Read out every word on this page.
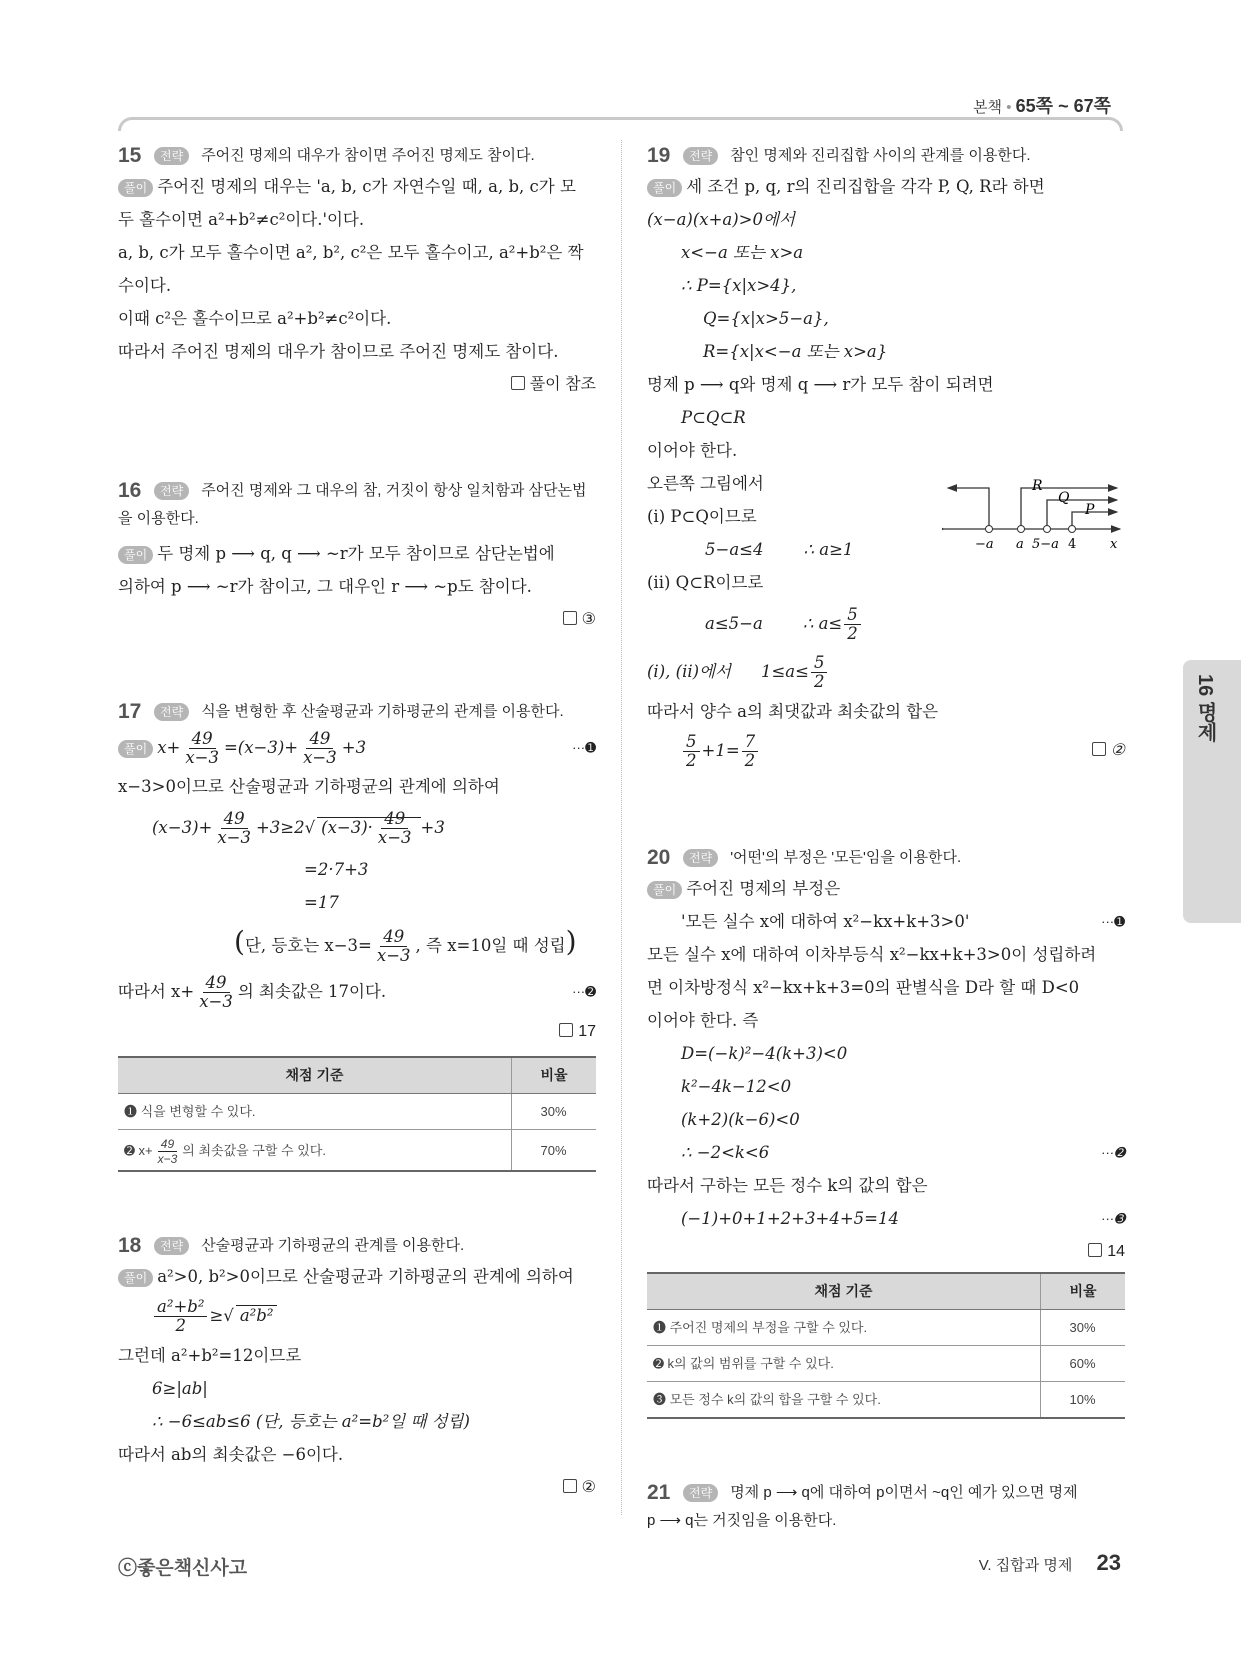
본책 • 65쪽 ~ 67쪽
16 명제
15	전략	주어진 명제의 대우가 참이면 주어진 명제도 참이다.
풀이 주어진 명제의 대우는 'a, b, c가 자연수일 때, a, b, c가 모
두 홀수이면 a²+b²≠c²이다.'이다.
a, b, c가 모두 홀수이면 a², b², c²은 모두 홀수이고, a²+b²은 짝
수이다.
이때 c²은 홀수이므로 a²+b²≠c²이다.
따라서 주어진 명제의 대우가 참이므로 주어진 명제도 참이다.
풀이 참조
16	전략	주어진 명제와 그 대우의 참, 거짓이 항상 일치함과 삼단논법
을 이용한다.
풀이 두 명제 p ⟶ q, q ⟶ ~r가 모두 참이므로 삼단논법에
의하여 p ⟶ ~r가 참이고, 그 대우인 r ⟶ ~p도 참이다.
③
17	전략	식을 변형한 후 산술평균과 기하평균의 관계를 이용한다.
풀이 $x+ \frac{49}{x-3} =(x-3)+ \frac{49}{x-3} +3$	···➊
x−3>0이므로 산술평균과 기하평균의 관계에 의하여
$(x-3)+ \frac{49}{x-3} +3\ge 2√$ $(x-3)\cdot \frac{49}{x-3} +3$
=2·7+3
=17
(단, 등호는 $x-3= \frac{49}{x-3}$ , 즉 x=10일 때 성립)
따라서 $x+ \frac{49}{x-3}$ 의 최솟값은 17이다.	···➋
17
채점 기준	비율
➊ 식을 변형할 수 있다.	30%
➋ $x+ \frac{49}{x-3}$ 의 최솟값을 구할 수 있다.	70%
18	전략	산술평균과 기하평균의 관계를 이용한다.
풀이 a²>0, b²>0이므로 산술평균과 기하평균의 관계에 의하여
$\frac{\text{a²+b²}}{2}$ ≥√ a²b²
그런데 a²+b²=12이므로
6≥|ab|
∴ −6≤ab≤6 (단, 등호는 a²=b²일 때 성립)
따라서 ab의 최솟값은 −6이다.
②
19	전략	참인 명제와 진리집합 사이의 관계를 이용한다.
풀이 세 조건 p, q, r의 진리집합을 각각 P, Q, R라 하면
(x−a)(x+a)>0에서
x<−a 또는 x>a
∴ P={x|x>4},
Q={x|x>5−a},
R={x|x<−a 또는 x>a}
명제 p ⟶ q와 명제 q ⟶ r가 모두 참이 되려면
P⊂Q⊂R
이어야 한다.
오른쪽 그림에서
(i) P⊂Q이므로
5−a≤4 ∴ a≥1
(ii) Q⊂R이므로
a≤5−a ∴ $a\le \frac{5}{2}$
(i), (ii)에서 $1\le a\le \frac{5}{2}$
따라서 양수 a의 최댓값과 최솟값의 합은
$\frac{5}{2} +1= \frac{7}{2}$	②
20	전략	'어떤'의 부정은 '모든'임을 이용한다.
풀이 주어진 명제의 부정은
'모든 실수 x에 대하여 x²−kx+k+3>0'	···➊
모든 실수 x에 대하여 이차부등식 x²−kx+k+3>0이 성립하려
면 이차방정식 x²−kx+k+3=0의 판별식을 D라 할 때 D<0
이어야 한다. 즉
D=(−k)²−4(k+3)<0
k²−4k−12<0
(k+2)(k−6)<0
∴ −2<k<6	···➋
따라서 구하는 모든 정수 k의 값의 합은
(−1)+0+1+2+3+4+5=14	···➌
14
채점 기준	비율
➊ 주어진 명제의 부정을 구할 수 있다.	30%
➋ k의 값의 범위를 구할 수 있다.	60%
➌ 모든 정수 k의 값의 합을 구할 수 있다.	10%
21	전략	명제 p ⟶ q에 대하여 p이면서 ~q인 예가 있으면 명제
p ⟶ q는 거짓임을 이용한다.
R
Q
P
−a a 5−a 4	x
ⓒ좋은책신사고	V. 집합과 명제 23
